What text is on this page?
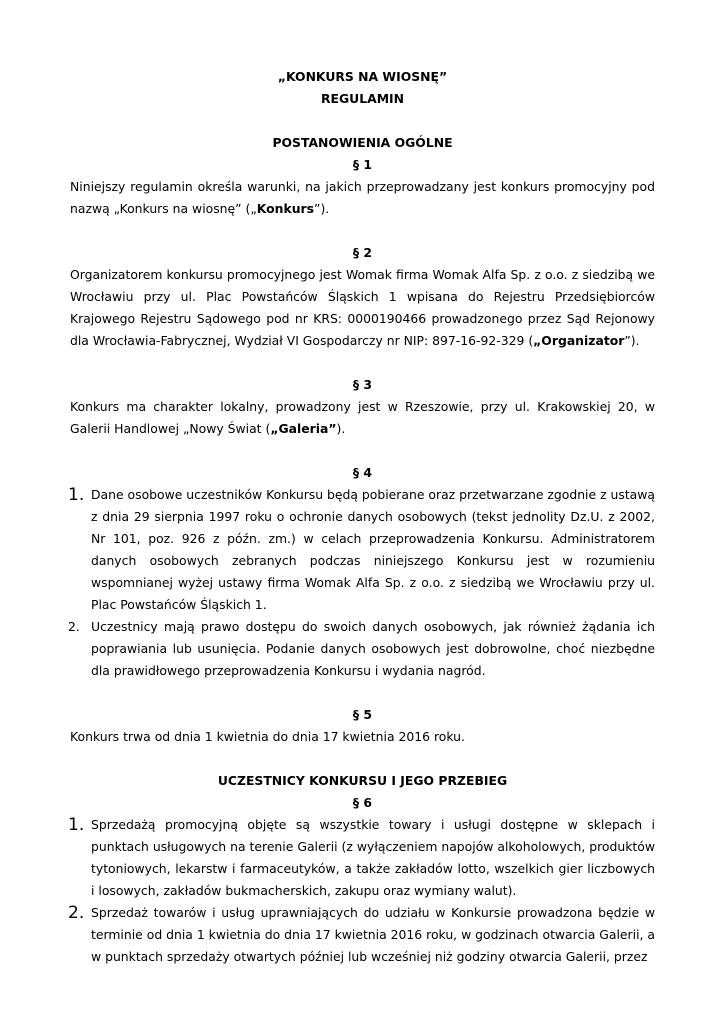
„KONKURS NA WIOSNĘ”
REGULAMIN
POSTANOWIENIA OGÓLNE
§ 1

Niniejszy regulamin określa warunki, na jakich przeprowadzany jest konkurs promocyjny pod nazwą „Konkurs na wiosnę” („Konkurs”).

§ 2

Organizatorem konkursu promocyjnego jest Womak firma Womak Alfa Sp. z o.o. z siedzibą we Wrocławiu przy ul. Plac Powstańców Śląskich 1 wpisana do Rejestru Przedsiębiorców Krajowego Rejestru Sądowego pod nr KRS: 0000190466 prowadzonego przez Sąd Rejonowy dla Wrocławia-Fabrycznej, Wydział VI Gospodarczy nr NIP: 897-16-92-329 („Organizator”).

§ 3

Konkurs ma charakter lokalny, prowadzony jest w Rzeszowie, przy ul. Krakowskiej 20, w Galerii Handlowej „Nowy Świat („Galeria”).

§ 4
1. Dane osobowe uczestników Konkursu będą pobierane oraz przetwarzane zgodnie z ustawą z dnia 29 sierpnia 1997 roku o ochronie danych osobowych (tekst jednolity Dz.U. z 2002, Nr 101, poz. 926 z późn. zm.) w celach przeprowadzenia Konkursu. Administratorem danych osobowych zebranych podczas niniejszego Konkursu jest w rozumieniu wspomnianej wyżej ustawy firma Womak Alfa Sp. z o.o. z siedzibą we Wrocławiu przy ul. Plac Powstańców Śląskich 1.
2. Uczestnicy mają prawo dostępu do swoich danych osobowych, jak również żądania ich poprawiania lub usunięcia. Podanie danych osobowych jest dobrowolne, choć niezbędne dla prawidłowego przeprowadzenia Konkursu i wydania nagród.
§ 5

Konkurs trwa od dnia 1 kwietnia do dnia 17 kwietnia 2016 roku.

UCZESTNICY KONKURSU I JEGO PRZEBIEG
§ 6
1. Sprzedażą promocyjną objęte są wszystkie towary i usługi dostępne w sklepach i punktach usługowych na terenie Galerii (z wyłączeniem napojów alkoholowych, produktów tytoniowych, lekarstw i farmaceutyków, a także zakładów lotto, wszelkich gier liczbowych i losowych, zakładów bukmacherskich, zakupu oraz wymiany walut).
2. Sprzedaż towarów i usług uprawniających do udziału w Konkursie prowadzona będzie w terminie od dnia 1 kwietnia do dnia 17 kwietnia 2016 roku, w godzinach otwarcia Galerii, a w punktach sprzedaży otwartych później lub wcześniej niż godziny otwarcia Galerii, przez
